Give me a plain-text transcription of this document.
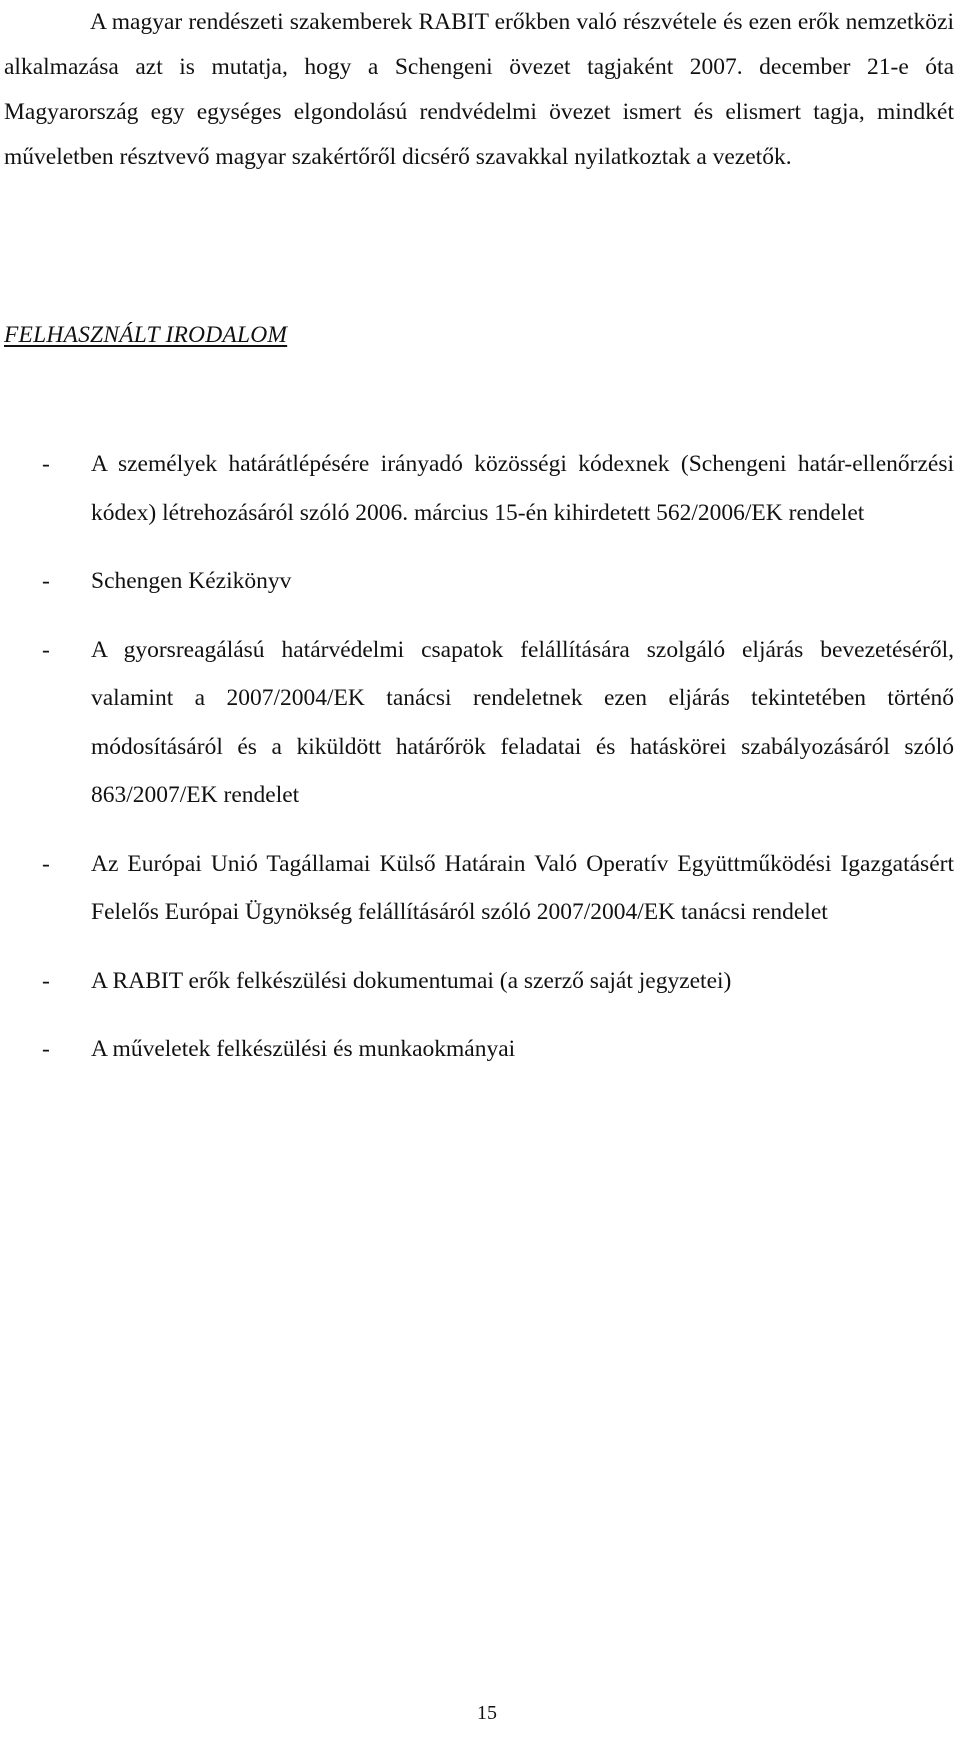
A magyar rendészeti szakemberek RABIT erőkben való részvétele és ezen erők nemzetközi alkalmazása azt is mutatja, hogy a Schengeni övezet tagjaként 2007. december 21-e óta Magyarország egy egységes elgondolású rendvédelmi övezet ismert és elismert tagja, mindkét műveletben résztvevő magyar szakértőről dicsérő szavakkal nyilatkoztak a vezetők.

FELHASZNÁLT IRODALOM
- A személyek határátlépésére irányadó közösségi kódexnek (Schengeni határ-ellenőrzési kódex) létrehozásáról szóló 2006. március 15-én kihirdetett 562/2006/EK rendelet
- Schengen Kézikönyv
- A gyorsreagálású határvédelmi csapatok felállítására szolgáló eljárás bevezetéséről, valamint a 2007/2004/EK tanácsi rendeletnek ezen eljárás tekintetében történő módosításáról és a kiküldött határőrök feladatai és hatáskörei szabályozásáról szóló 863/2007/EK rendelet
- Az Európai Unió Tagállamai Külső Határain Való Operatív Együttműködési Igazgatásért Felelős Európai Ügynökség felállításáról szóló 2007/2004/EK tanácsi rendelet
- A RABIT erők felkészülési dokumentumai (a szerző saját jegyzetei)
- A műveletek felkészülési és munkaokmányai

15
